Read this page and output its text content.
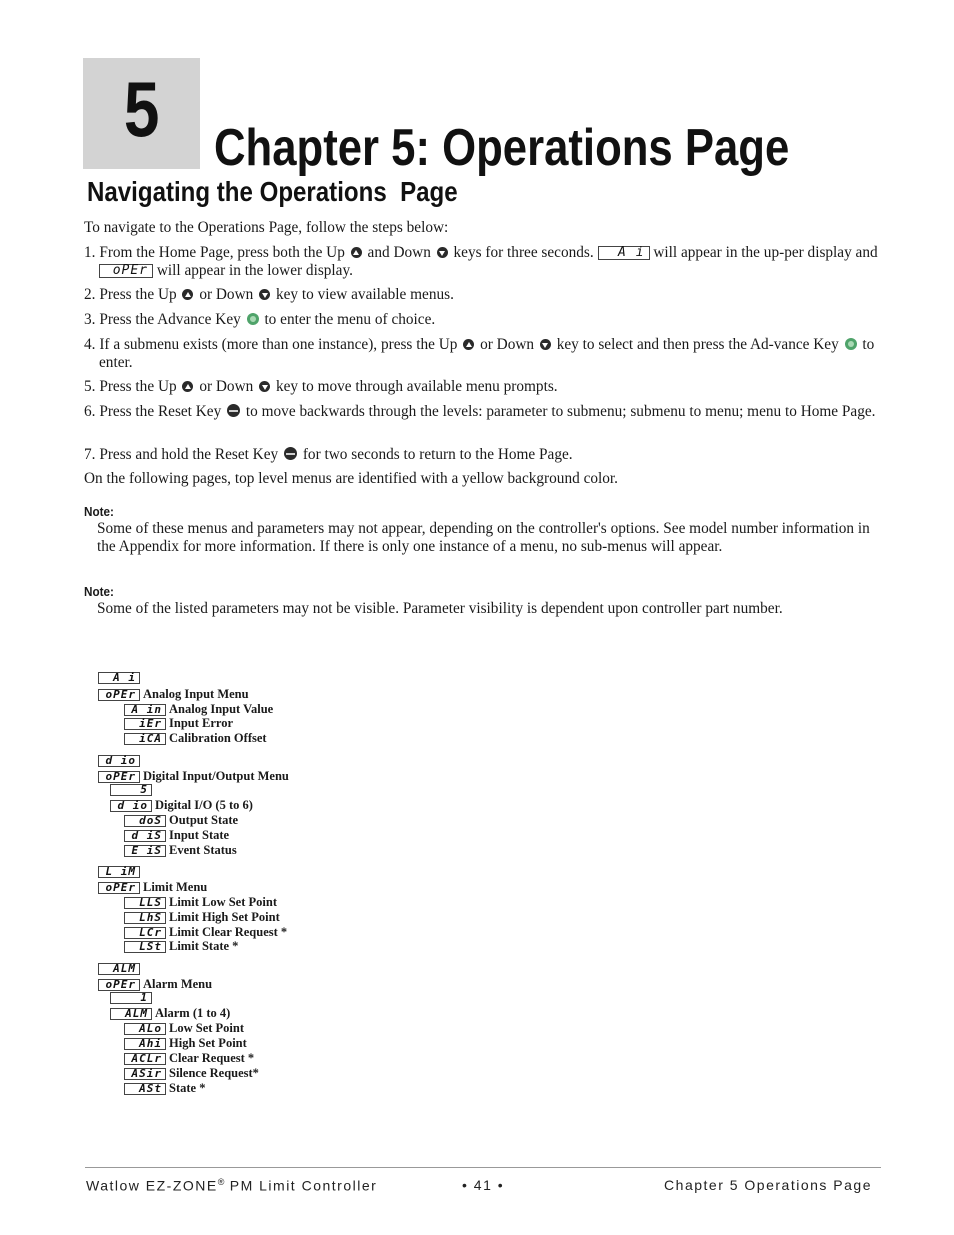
5 Chapter 5: Operations Page
Navigating the Operations  Page

To navigate to the Operations Page, follow the steps below:

1. From the Home Page, press both the Up and Down keys for three seconds. A i will appear in the up-per display and oPEr will appear in the lower display.

2. Press the Up or Down key to view available menus.

3. Press the Advance Key to enter the menu of choice.

4. If a submenu exists (more than one instance), press the Up or Down key to select and then press the Ad-vance Key to enter.

5. Press the Up or Down key to move through available menu prompts.

6. Press the Reset Key to move backwards through the levels: parameter to submenu; submenu to menu; menu to Home Page.

7. Press and hold the Reset Key for two seconds to return to the Home Page.

On the following pages, top level menus are identified with a yellow background color.

Note:

Some of these menus and parameters may not appear, depending on the controller's options. See model number information in the Appendix for more information. If there is only one instance of a menu, no sub-menus will appear.

Note:

Some of the listed parameters may not be visible. Parameter visibility is dependent upon controller part number.

A i
oPEr Analog Input Menu
A in Analog Input Value
iEr Input Error
iCA Calibration Offset
d io
oPEr Digital Input/Output Menu
5
d io Digital I/O (5 to 6)
doS Output State
d iS Input State
E iS Event Status
L iM
oPEr Limit Menu
LLS Limit Low Set Point
LhS Limit High Set Point
LCr Limit Clear Request *
LSt Limit State *
ALM
oPEr Alarm Menu
1
ALM Alarm (1 to 4)
ALo Low Set Point
Ahi High Set Point
ACLr Clear Request *
ASir Silence Request*
ASt State *
Watlow EZ-ZONE® PM Limit Controller	• 41 •	Chapter 5 Operations Page
